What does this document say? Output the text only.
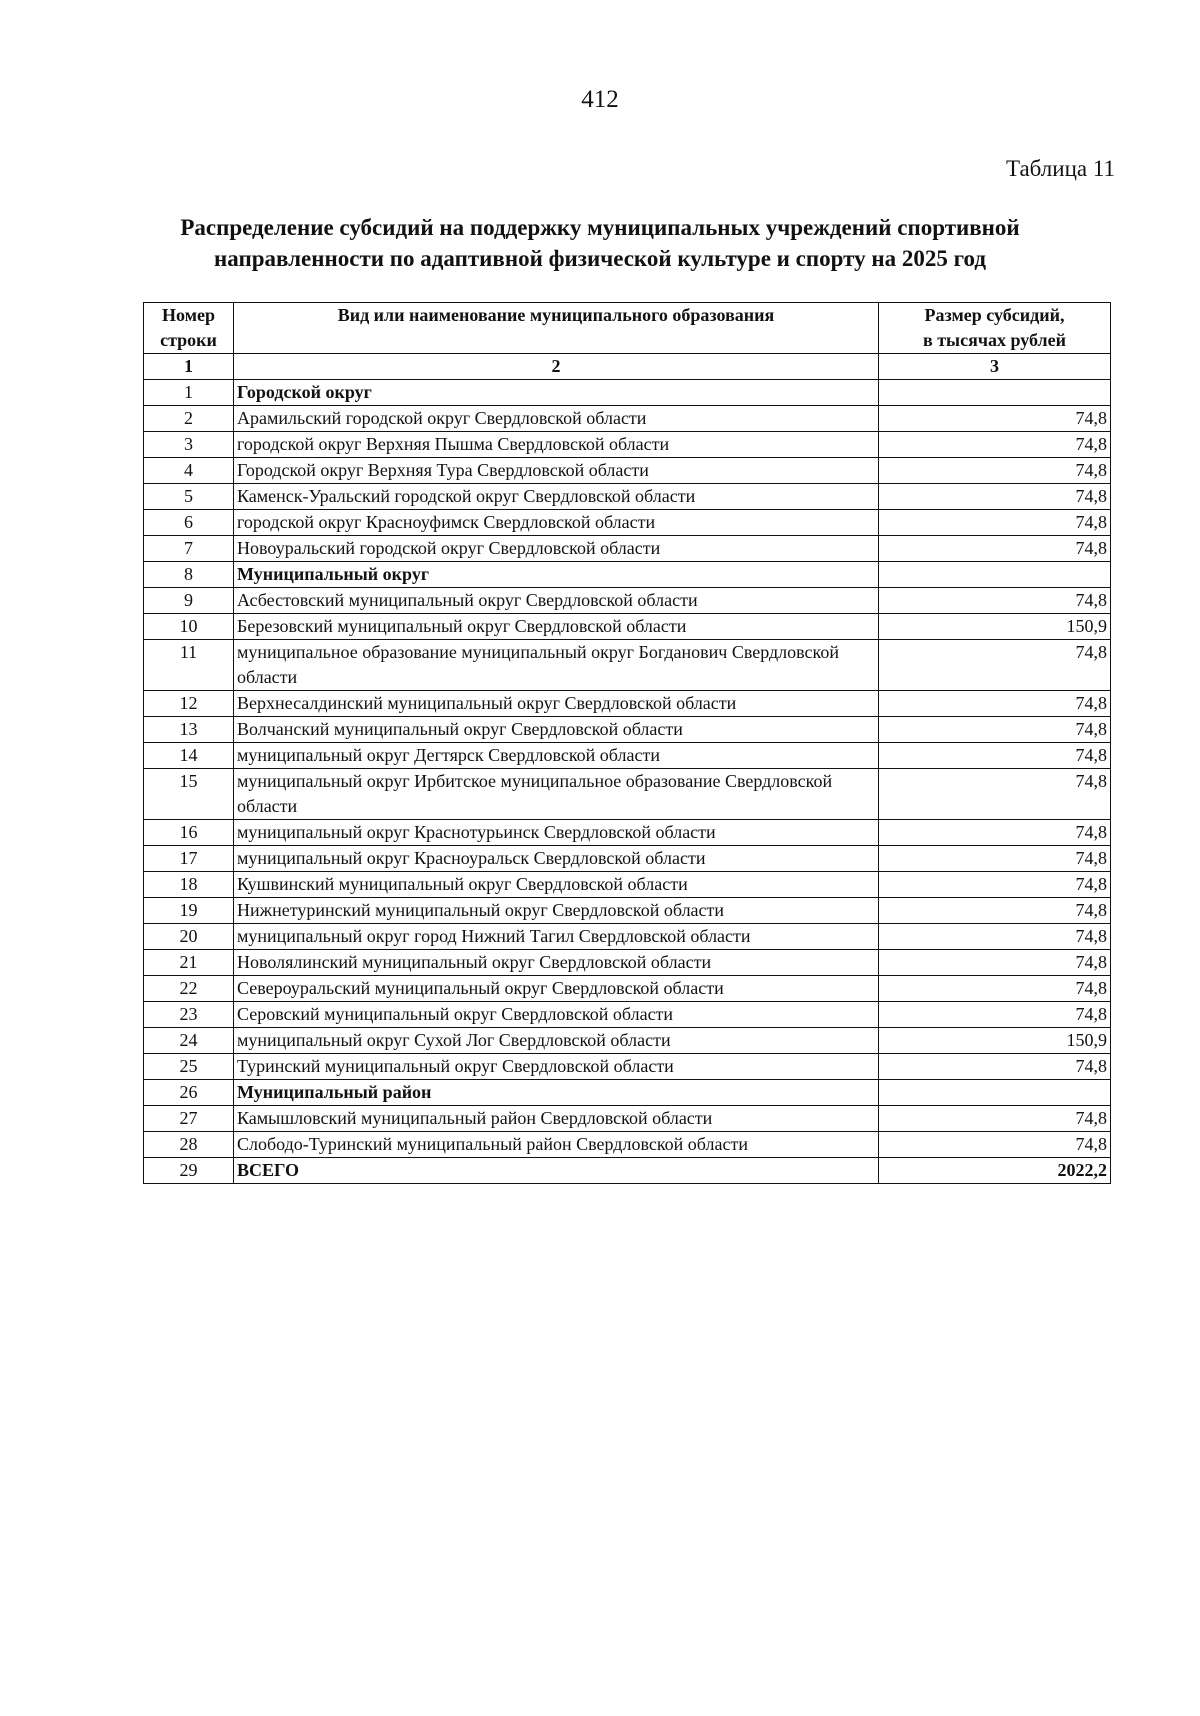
412
Таблица 11
Распределение субсидий на поддержку муниципальных учреждений спортивной
направленности по адаптивной физической культуре и спорту на 2025 год
Номер строки	Вид или наименование муниципального образования	Размер субсидий,
в тысячах рублей

1	2	3
1	Городской округ	
2	Арамильский городской округ Свердловской области	74,8
3	городской округ Верхняя Пышма Свердловской области	74,8
4	Городской округ Верхняя Тура Свердловской области	74,8
5	Каменск-Уральский городской округ Свердловской области	74,8
6	городской округ Красноуфимск Свердловской области	74,8
7	Новоуральский городской округ Свердловской области	74,8
8	Муниципальный округ	
9	Асбестовский муниципальный округ Свердловской области	74,8
10	Березовский муниципальный округ Свердловской области	150,9
11	муниципальное образование муниципальный округ Богданович Свердловской области	74,8
12	Верхнесалдинский муниципальный округ Свердловской области	74,8
13	Волчанский муниципальный округ Свердловской области	74,8
14	муниципальный округ Дегтярск Свердловской области	74,8
15	муниципальный округ Ирбитское муниципальное образование Свердловской области	74,8
16	муниципальный округ Краснотурьинск Свердловской области	74,8
17	муниципальный округ Красноуральск Свердловской области	74,8
18	Кушвинский муниципальный округ Свердловской области	74,8
19	Нижнетуринский муниципальный округ Свердловской области	74,8
20	муниципальный округ город Нижний Тагил Свердловской области	74,8
21	Новолялинский муниципальный округ Свердловской области	74,8
22	Североуральский муниципальный округ Свердловской области	74,8
23	Серовский муниципальный округ Свердловской области	74,8
24	муниципальный округ Сухой Лог Свердловской области	150,9
25	Туринский муниципальный округ Свердловской области	74,8
26	Муниципальный район	
27	Камышловский муниципальный район Свердловской области	74,8
28	Слободо-Туринский муниципальный район Свердловской области	74,8
29	ВСЕГО	2022,2
